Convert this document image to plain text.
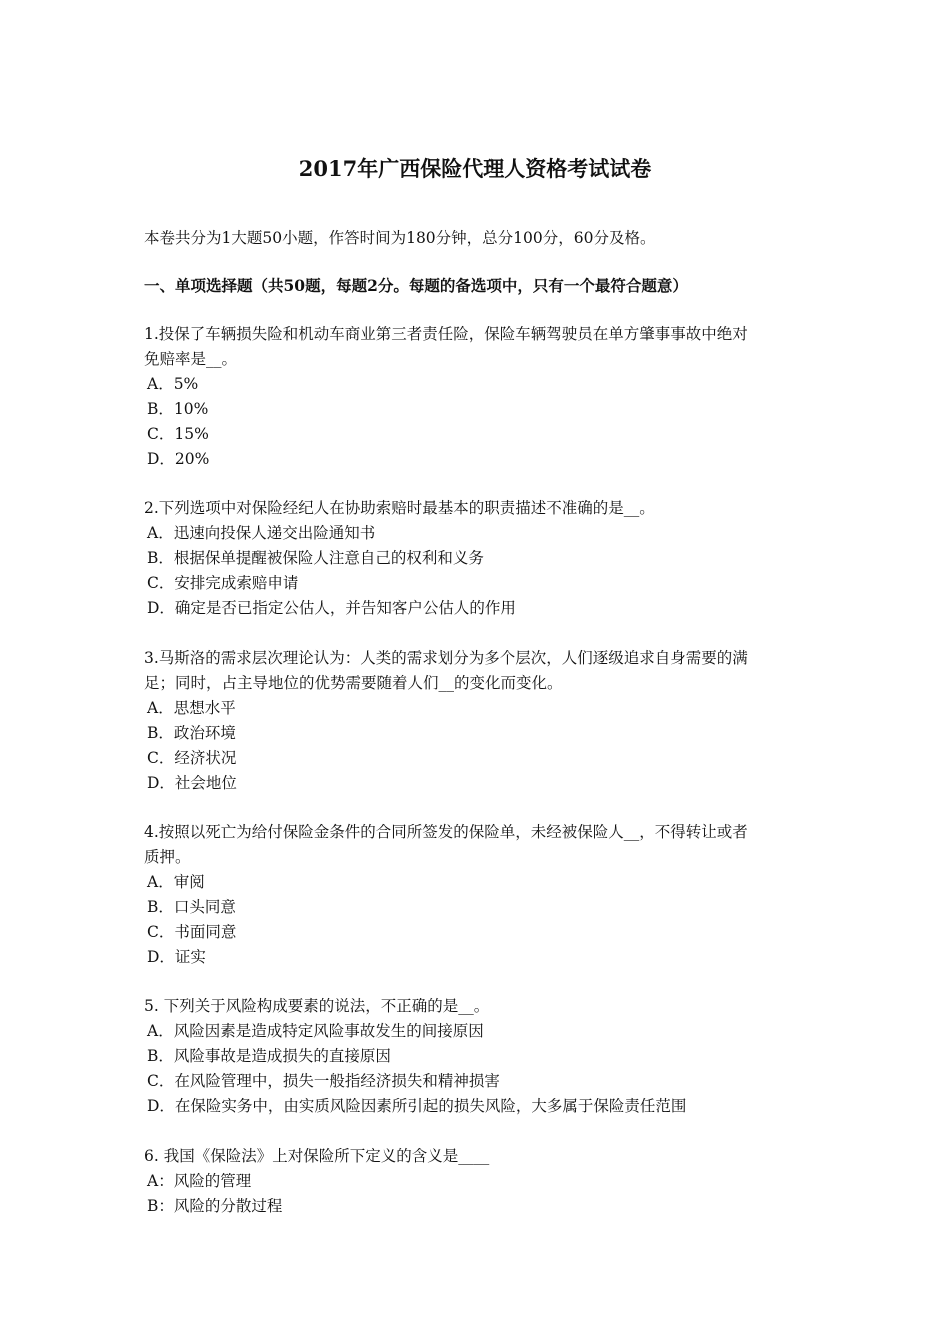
2017年广西保险代理人资格考试试卷
本卷共分为1大题50小题，作答时间为180分钟，总分100分，60分及格。
一、单项选择题（共50题，每题2分。每题的备选项中，只有一个最符合题意）
1.投保了车辆损失险和机动车商业第三者责任险，保险车辆驾驶员在单方肇事事故中绝对
免赔率是__。
A．5%
B．10%
C．15%
D．20%
2.下列选项中对保险经纪人在协助索赔时最基本的职责描述不准确的是__。
A．迅速向投保人递交出险通知书
B．根据保单提醒被保险人注意自己的权利和义务
C．安排完成索赔申请
D．确定是否已指定公估人，并告知客户公估人的作用
3.马斯洛的需求层次理论认为：人类的需求划分为多个层次，人们逐级追求自身需要的满
足；同时，占主导地位的优势需要随着人们__的变化而变化。
A．思想水平
B．政治环境
C．经济状况
D．社会地位
4.按照以死亡为给付保险金条件的合同所签发的保险单，未经被保险人__，不得转让或者
质押。
A．审阅
B．口头同意
C．书面同意
D．证实
5. 下列关于风险构成要素的说法，不正确的是__。
A．风险因素是造成特定风险事故发生的间接原因
B．风险事故是造成损失的直接原因
C．在风险管理中，损失一般指经济损失和精神损害
D．在保险实务中，由实质风险因素所引起的损失风险，大多属于保险责任范围
6. 我国《保险法》上对保险所下定义的含义是____
A：风险的管理
B：风险的分散过程
